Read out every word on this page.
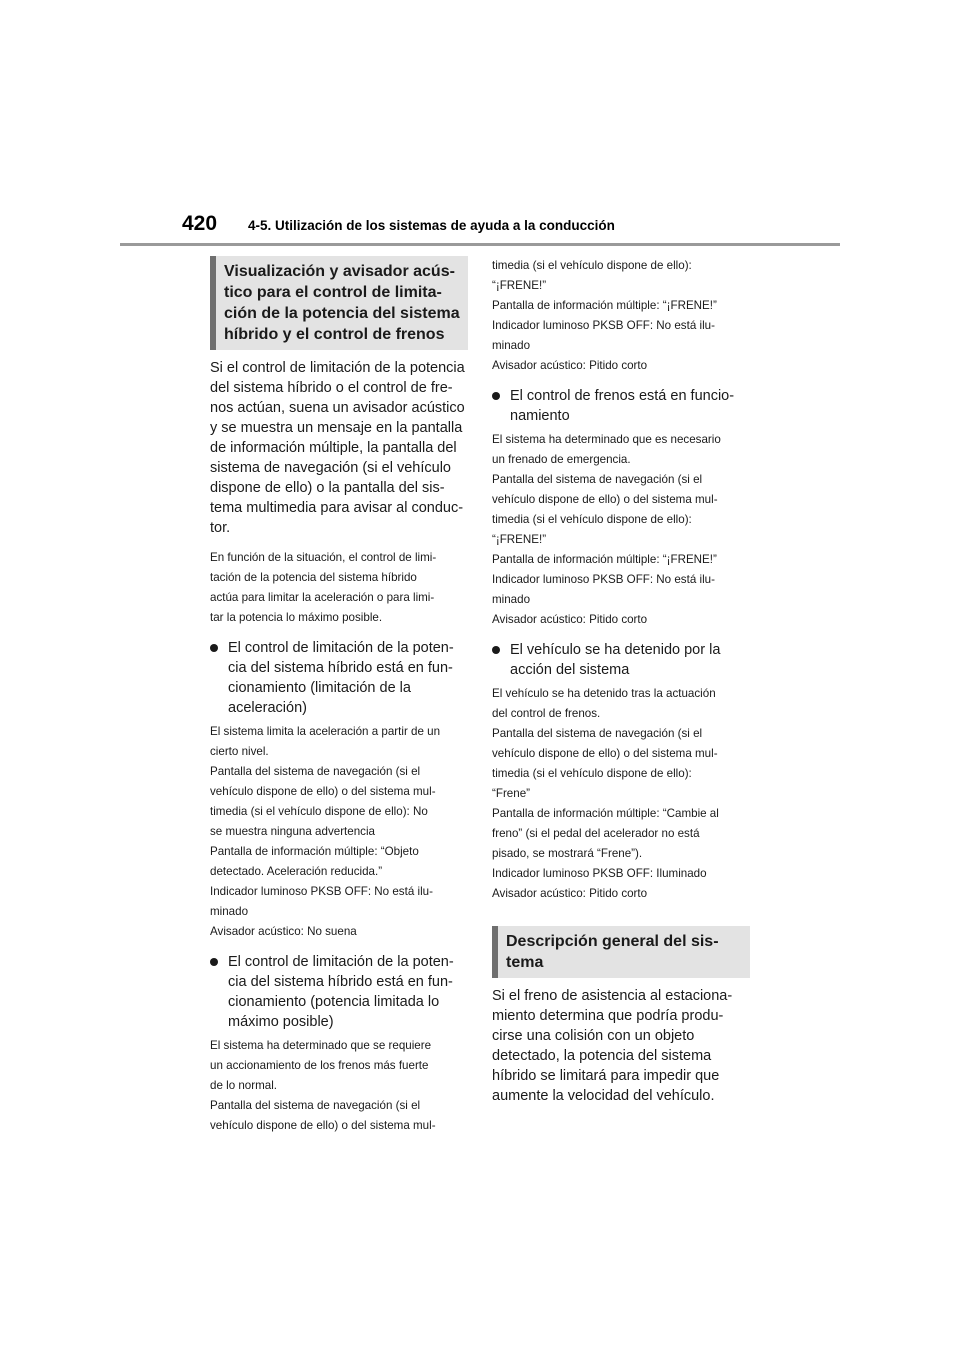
420 4-5. Utilización de los sistemas de ayuda a la conducción
Visualización y avisador acús-
tico para el control de limita-
ción de la potencia del sistema
híbrido y el control de frenos
Si el control de limitación de la potencia
del sistema híbrido o el control de fre-
nos actúan, suena un avisador acústico
y se muestra un mensaje en la pantalla
de información múltiple, la pantalla del
sistema de navegación (si el vehículo
dispone de ello) o la pantalla del sis-
tema multimedia para avisar al conduc-
tor.
En función de la situación, el control de limi-
tación de la potencia del sistema híbrido
actúa para limitar la aceleración o para limi-
tar la potencia lo máximo posible.
El control de limitación de la poten-
cia del sistema híbrido está en fun-
cionamiento (limitación de la
aceleración)
El sistema limita la aceleración a partir de un
cierto nivel.
Pantalla del sistema de navegación (si el
vehículo dispone de ello) o del sistema mul-
timedia (si el vehículo dispone de ello): No
se muestra ninguna advertencia
Pantalla de información múltiple: “Objeto
detectado. Aceleración reducida.”
Indicador luminoso PKSB OFF: No está ilu-
minado
Avisador acústico: No suena
El control de limitación de la poten-
cia del sistema híbrido está en fun-
cionamiento (potencia limitada lo
máximo posible)
El sistema ha determinado que se requiere
un accionamiento de los frenos más fuerte
de lo normal.
Pantalla del sistema de navegación (si el
vehículo dispone de ello) o del sistema mul-
timedia (si el vehículo dispone de ello):
“¡FRENE!”
Pantalla de información múltiple: “¡FRENE!”
Indicador luminoso PKSB OFF: No está ilu-
minado
Avisador acústico: Pitido corto
El control de frenos está en funcio-
namiento
El sistema ha determinado que es necesario
un frenado de emergencia.
Pantalla del sistema de navegación (si el
vehículo dispone de ello) o del sistema mul-
timedia (si el vehículo dispone de ello):
“¡FRENE!”
Pantalla de información múltiple: “¡FRENE!”
Indicador luminoso PKSB OFF: No está ilu-
minado
Avisador acústico: Pitido corto
El vehículo se ha detenido por la
acción del sistema
El vehículo se ha detenido tras la actuación
del control de frenos.
Pantalla del sistema de navegación (si el
vehículo dispone de ello) o del sistema mul-
timedia (si el vehículo dispone de ello):
“Frene”
Pantalla de información múltiple: “Cambie al
freno” (si el pedal del acelerador no está
pisado, se mostrará “Frene”).
Indicador luminoso PKSB OFF: Iluminado
Avisador acústico: Pitido corto
Descripción general del sis-
tema
Si el freno de asistencia al estaciona-
miento determina que podría produ-
cirse una colisión con un objeto
detectado, la potencia del sistema
híbrido se limitará para impedir que
aumente la velocidad del vehículo.
